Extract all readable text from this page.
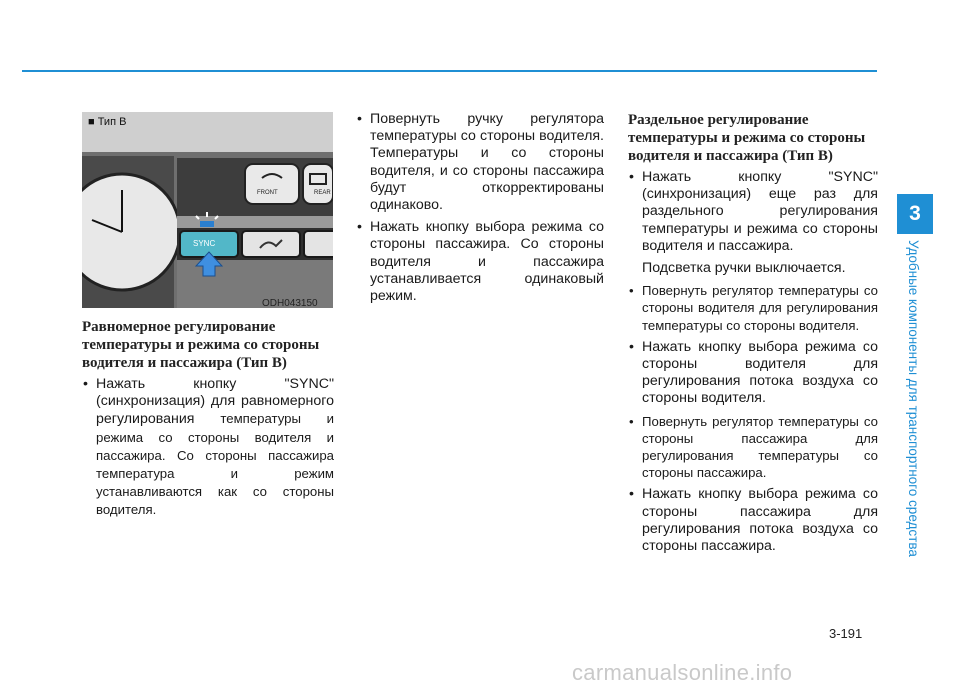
■ Тип B
SYNC
FRONT	REAR
ODH043150
Равномерное регулирование температуры и режима со стороны водителя и пассажира (Тип B)
• Нажать кнопку "SYNC" (синхронизация) для равномерного регулирования температуры и режима со стороны водителя и пассажира. Со стороны пассажира температура и режим устанавливаются как со стороны водителя.
• Повернуть ручку регулятора температуры со стороны водителя. Температуры и со стороны водителя, и со стороны пассажира будут откорректированы одинаково.
• Нажать кнопку выбора режима со стороны пассажира. Со стороны водителя и пассажира устанавливается одинаковый режим.
Раздельное регулирование температуры и режима со стороны водителя и пассажира (Тип B)
• Нажать кнопку "SYNC" (синхронизация) еще раз для раздельного регулирования температуры и режима со стороны водителя и пассажира.
Подсветка ручки выключается.
• Повернуть регулятор температуры со стороны водителя для регулирования температуры со стороны водителя.
• Нажать кнопку выбора режима со стороны водителя для регулирования потока воздуха со стороны водителя.
• Повернуть регулятор температуры со стороны пассажира для регулирования температуры со стороны пассажира.
• Нажать кнопку выбора режима со стороны пассажира для регулирования потока воздуха со стороны пассажира.
3
Удобные компоненты для транспортного средства
3-191
carmanualsonline.info
